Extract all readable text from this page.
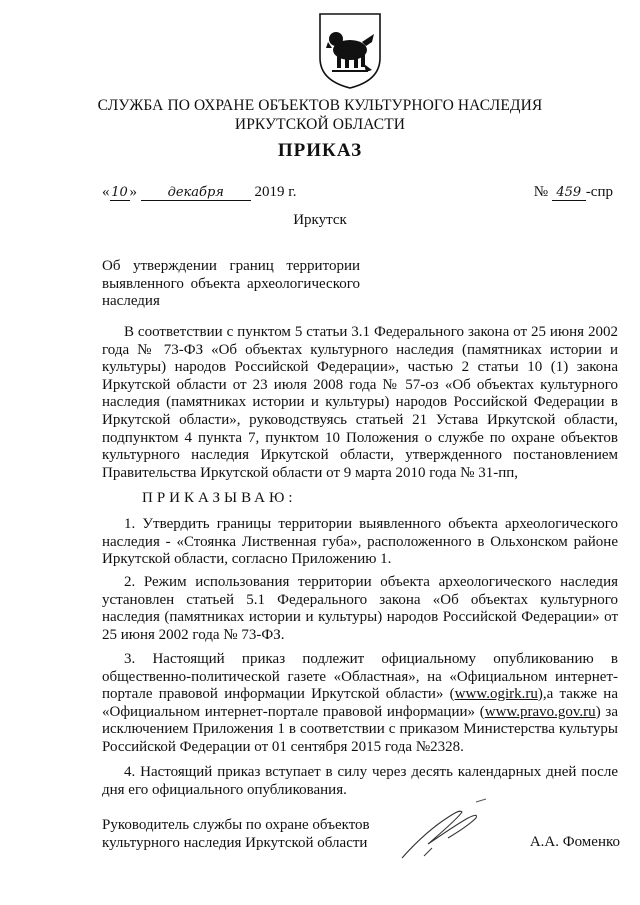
СЛУЖБА ПО ОХРАНЕ ОБЪЕКТОВ КУЛЬТУРНОГО НАСЛЕДИЯ
ИРКУТСКОЙ ОБЛАСТИ
ПРИКАЗ
« 10 » декабря 2019 г.	№ 459 -спр
Иркутск
Об утверждении границ территории выявленного объекта археологического наследия
В соответствии с пунктом 5 статьи 3.1 Федерального закона от 25 июня 2002 года № 73-ФЗ «Об объектах культурного наследия (памятниках истории и культуры) народов Российской Федерации», частью 2 статьи 10 (1) закона Иркутской области от 23 июля 2008 года № 57-оз «Об объектах культурного наследия (памятниках истории и культуры) народов Российской Федерации в Иркутской области», руководствуясь статьей 21 Устава Иркутской области, подпунктом 4 пункта 7, пунктом 10 Положения о службе по охране объектов культурного наследия Иркутской области, утвержденного постановлением Правительства Иркутской области от 9 марта 2010 года № 31-пп,
ПРИКАЗЫВАЮ:
1. Утвердить границы территории выявленного объекта археологического наследия - «Стоянка Лиственная губа», расположенного в Ольхонском районе Иркутской области, согласно Приложению 1.
2. Режим использования территории объекта археологического наследия установлен статьей 5.1 Федерального закона «Об объектах культурного наследия (памятниках истории и культуры) народов Российской Федерации» от 25 июня 2002 года № 73-ФЗ.
3. Настоящий приказ подлежит официальному опубликованию в общественно-политической газете «Областная», на «Официальном интернет-портале правовой информации Иркутской области» (www.ogirk.ru),а также на «Официальном интернет-портале правовой информации» (www.pravo.gov.ru) за исключением Приложения 1 в соответствии с приказом Министерства культуры Российской Федерации от 01 сентября 2015 года №2328.
4. Настоящий приказ вступает в силу через десять календарных дней после дня его официального опубликования.
Руководитель службы по охране объектов
культурного наследия Иркутской области	А.А. Фоменко
